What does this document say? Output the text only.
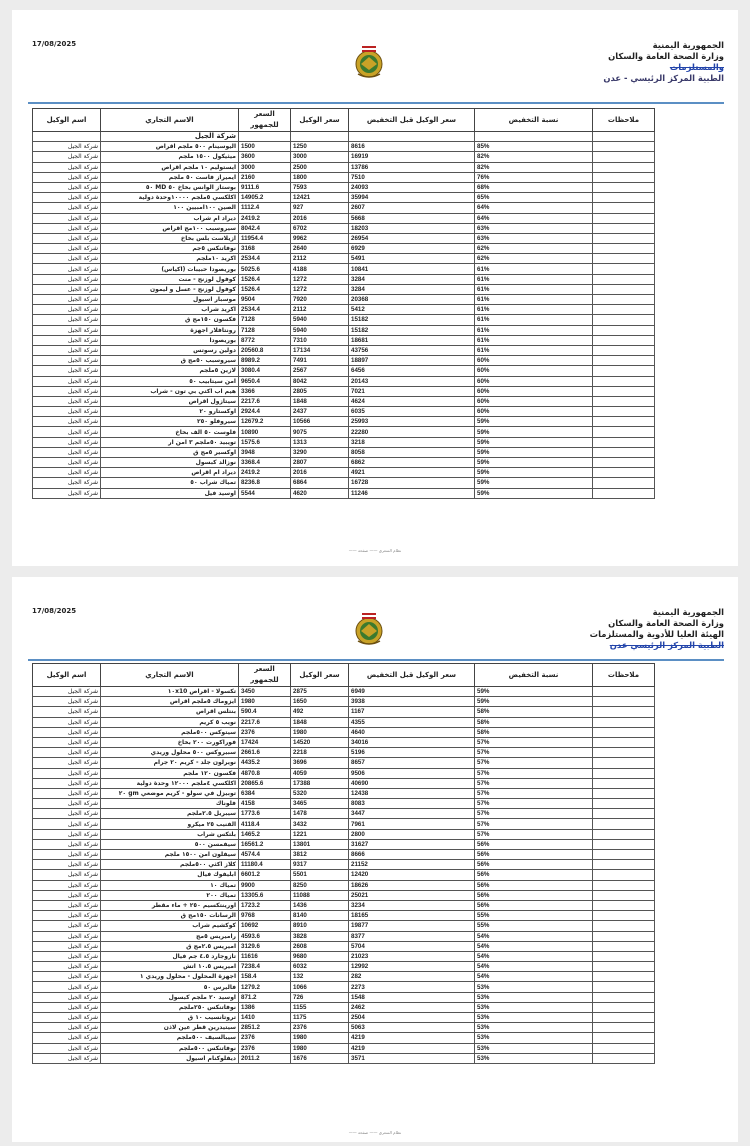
17/08/2025	الجمهورية اليمنية
وزارة الصحة العامة والسكان
والمستلزمات
الطبية المركز الرئيسي - عدن
ملاحظات	نسبة التخفيض	سعر الوكيل قبل التخفيض	سعر الوكيل	السعر للجمهور	الاسم التجاري	اسم الوكيل
					شركة الجيل	
	85%	8616	1250	1500	اليوسينام ٥٠٠ ملجم اقراص	شركة الجيل
	82%	16919	3000	3600	ميثيكول ١٥٠٠ ملجم	شركة الجيل
	82%	13786	2500	3000	ايستوليم ١٠ ملجم اقراص	شركة الجيل
	76%	7510	1800	2160	ايميراز فاست ٥٠ ملجم	شركة الجيل
	68%	24093	7593	9111.6	بوستاز الوانس بخاخ ٥٠ MD ٥٠	شركة الجيل
	65%	35994	12421	14905.2	اكلكسي ٥ملجم ١٠٠٠٠وحدة دولية	شركة الجيل
	64%	2607	927	1112.4	الصين ١٠٠امبيين ١٠٠	شركة الجيل
	64%	5668	2016	2419.2	ديراد ام شراب	شركة الجيل
	63%	18203	6702	8042.4	سيروسبب ١٠٠مج اقراص	شركة الجيل
	63%	26954	9962	11954.4	ازيلاست بلس بخاخ	شركة الجيل
	62%	6929	2640	3168	نوفاتنكس ٥جم	شركة الجيل
	62%	5491	2112	2534.4	اكريد ١٠ملجم	شركة الجيل
	61%	10841	4188	5025.6	بوريصودا حبيبات (اكياس)	شركة الجيل
	61%	3284	1272	1526.4	كوفول لوزنج - منت	شركة الجيل
	61%	3284	1272	1526.4	كوفول لوزنج - عسل و ليمون	شركة الجيل
	61%	20368	7920	9504	موسبار اسيول	شركة الجيل
	61%	5412	2112	2534.4	اكريد شراب	شركة الجيل
	61%	15182	5940	7128	فكسون ١٥٠مج ق	شركة الجيل
	61%	15182	5940	7128	رونتافلار اجهزة	شركة الجيل
	61%	18681	7310	8772	بوريصودا	شركة الجيل
	61%	43756	17134	20560.8	دولين رسوتس	شركة الجيل
	60%	18897	7491	8989.2	سيروسبب ٥٠مج ق	شركة الجيل
	60%	6456	2567	3080.4	لازين ٥ملجم	شركة الجيل
	60%	20143	8042	9650.4	امن سيتابيب ٥٠	شركة الجيل
	60%	7021	2805	3366	هيم اب اكتي بي تون - شراب	شركة الجيل
	60%	4624	1848	2217.6	سيتازول اقراص	شركة الجيل
	60%	6035	2437	2924.4	اوكستارو ٢٠	شركة الجيل
	59%	25993	10566	12679.2	سيروفلو ٢٥٠	شركة الجيل
	59%	22280	9075	10890	فلوست ٥٠ الف بخاخ	شركة الجيل
	59%	3218	1313	1575.6	تويبيد ٥٠ملجم ٣ امن ار	شركة الجيل
	59%	8058	3290	3948	اوكسير ٥مج ق	شركة الجيل
	59%	6862	2807	3368.4	نوزالد كبسول	شركة الجيل
	59%	4921	2016	2419.2	ديراد ام اقراص	شركة الجيل
	59%	16728	6864	8236.8	تمياك شراب ٥٠	شركة الجيل
	59%	11246	4620	5544	اوسيد فيل	شركة الجيل
—— نظام السعري —— صفحة
17/08/2025	الجمهورية اليمنية
وزارة الصحة العامة والسكان
الهيئة العليا للأدوية والمستلزمات
الطبية المركز الرئيسي عدن
ملاحظات	نسبة التخفيض	سعر الوكيل قبل التخفيض	سعر الوكيل	السعر للجمهور	الاسم التجاري	اسم الوكيل
	59%	6949	2875	3450	تكسولا - اقراص ١٠x10	شركة الجيل
	59%	3938	1650	1980	ايزوماك ٥ملجم اقراص	شركة الجيل
	58%	1167	492	590.4	بنتلس اقراص	شركة الجيل
	58%	4355	1848	2217.6	نويب ٥ كريم	شركة الجيل
	58%	4640	1980	2376	سيتوكس ٥٠٠ملجم	شركة الجيل
	57%	34016	14520	17424	فوراكورت ٢٠٠ بخاخ	شركة الجيل
	57%	5196	2218	2661.6	سبيروكس ٥٠٠ محلول وريدي	شركة الجيل
	57%	8657	3696	4435.2	نويرلون جلد - كريم ٢٠ جرام	شركة الجيل
	57%	9506	4059	4870.8	فكسون ١٢٠ ملجم	شركة الجيل
	57%	40690	17388	20865.6	اكلكسي ٤ملجم ١٢٠٠٠ وحدة دولية	شركة الجيل
	57%	12438	5320	6384	توبيزل في سولو - كريم موضعي gm ٢٠	شركة الجيل
	57%	8083	3465	4158	فلوناك	شركة الجيل
	57%	3447	1478	1773.6	سيبريل ٢.٥ملجم	شركة الجيل
	57%	7961	3432	4118.4	الفنيب ٢٥ ميكرو	شركة الجيل
	57%	2800	1221	1465.2	بلتكس شراب	شركة الجيل
	56%	31627	13801	16561.2	سيفمسن ٥٠٠	شركة الجيل
	56%	8666	3812	4574.4	سيفلون امن ١٥٠٠ ملجم	شركة الجيل
	56%	21152	9317	11180.4	كلاز اكثي ٥٠٠ملجم	شركة الجيل
	56%	12420	5501	6601.2	ابليفوك فيال	شركة الجيل
	56%	18626	8250	9900	تمياك ١٠	شركة الجيل
	56%	25021	11088	13305.6	تمياك ٢٠٠	شركة الجيل
	56%	3234	1436	1723.2	اورينتكسيم ٢٥٠ + ماء مقطر	شركة الجيل
	55%	18165	8140	9768	الرسانات ١٥٠مج ق	شركة الجيل
	55%	19877	8910	10692	كوكشيم شراب	شركة الجيل
	54%	8377	3828	4593.6	راميريس ٥مج	شركة الجيل
	54%	5704	2608	3129.6	اميريس ٢.٥مج ق	شركة الجيل
	54%	21023	9680	11616	تازوجارد ٤.٥ جم فيال	شركة الجيل
	54%	12992	6032	7238.4	اميريس ١٠.٥ اتش	شركة الجيل
	54%	282	132	158.4	اجهزة المحلول - محلول وريدي ١	شركة الجيل
	53%	2273	1066	1279.2	فاليرس ٥٠	شركة الجيل
	53%	1548	726	871.2	اوسيد ٢٠ ملجم كبسول	شركة الجيل
	53%	2462	1155	1386	نوفاتنكس ٢٥٠ملجم	شركة الجيل
	53%	2504	1175	1410	تروتانسيب ١٠ ق	شركة الجيل
	53%	5063	2376	2851.2	سيتيدرين قطر عين لاذن	شركة الجيل
	53%	4219	1980	2376	سيبالسيف ٥٠٠ملجم	شركة الجيل
	53%	4219	1980	2376	نوفاتنكس ٥٠٠ملجم	شركة الجيل
	53%	3571	1676	2011.2	ديفلوكنام اسيول	شركة الجيل
—— نظام السعري —— صفحة
